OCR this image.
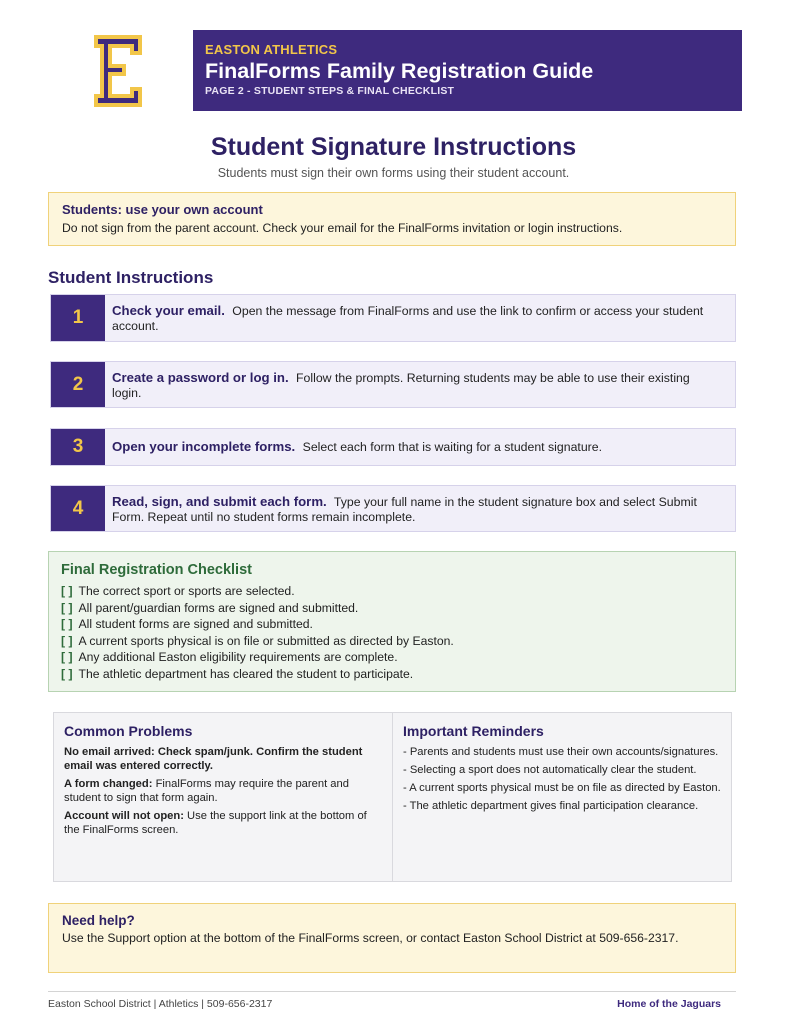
EASTON ATHLETICS
FinalForms Family Registration Guide
PAGE 2 - STUDENT STEPS & FINAL CHECKLIST
Student Signature Instructions
Students must sign their own forms using their student account.
Students: use your own account
Do not sign from the parent account. Check your email for the FinalForms invitation or login instructions.
Student Instructions
1	Check your email. Open the message from FinalForms and use the link to confirm or access your student account.
2	Create a password or log in. Follow the prompts. Returning students may be able to use their existing login.
3	Open your incomplete forms. Select each form that is waiting for a student signature.
4	Read, sign, and submit each form. Type your full name in the student signature box and select Submit Form. Repeat until no student forms remain incomplete.
Final Registration Checklist
[ ] The correct sport or sports are selected.
[ ] All parent/guardian forms are signed and submitted.
[ ] All student forms are signed and submitted.
[ ] A current sports physical is on file or submitted as directed by Easton.
[ ] Any additional Easton eligibility requirements are complete.
[ ] The athletic department has cleared the student to participate.
Common Problems
No email arrived: Check spam/junk. Confirm the student email was entered correctly.
A form changed: FinalForms may require the parent and student to sign that form again.
Account will not open: Use the support link at the bottom of the FinalForms screen.
Important Reminders
- Parents and students must use their own accounts/signatures.
- Selecting a sport does not automatically clear the student.
- A current sports physical must be on file as directed by Easton.
- The athletic department gives final participation clearance.
Need help?
Use the Support option at the bottom of the FinalForms screen, or contact Easton School District at 509-656-2317.
Easton School District | Athletics | 509-656-2317	Home of the Jaguars
